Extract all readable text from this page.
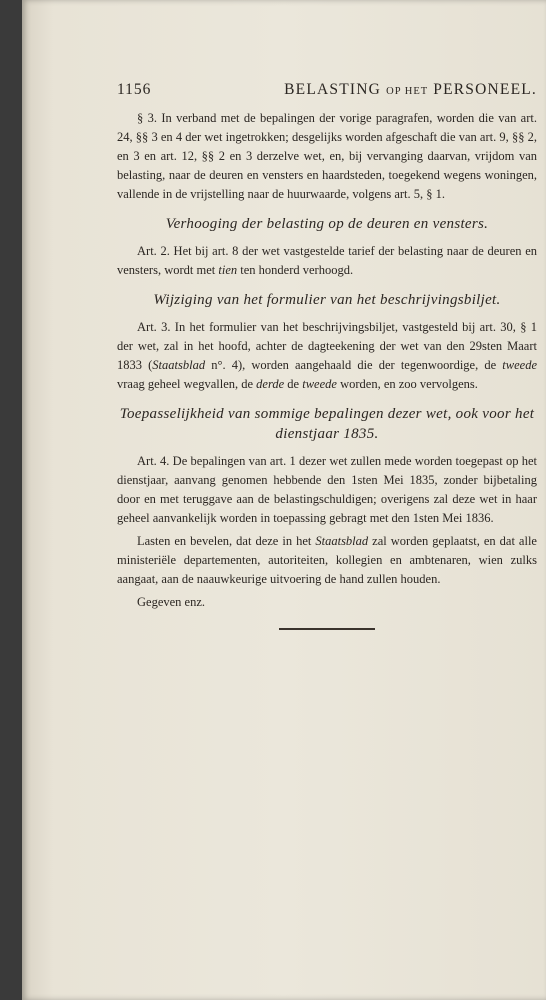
1156	BELASTING OP HET PERSONEEL.

§ 3. In verband met de bepalingen der vorige paragrafen, worden die van art. 24, §§ 3 en 4 der wet ingetrokken; desgelijks worden afgeschaft die van art. 9, §§ 2, en 3 en art. 12, §§ 2 en 3 derzelve wet, en, bij vervanging daarvan, vrijdom van belasting, naar de deuren en vensters en haardsteden, toegekend wegens woningen, vallende in de vrijstelling naar de huurwaarde, volgens art. 5, § 1.

Verhooging der belasting op de deuren en vensters.

Art. 2. Het bij art. 8 der wet vastgestelde tarief der belasting naar de deuren en vensters, wordt met tien ten honderd verhoogd.

Wijziging van het formulier van het beschrijvingsbiljet.

Art. 3. In het formulier van het beschrijvingsbiljet, vastgesteld bij art. 30, § 1 der wet, zal in het hoofd, achter de dagteekening der wet van den 29sten Maart 1833 (Staatsblad n°. 4), worden aangehaald die der tegenwoordige, de tweede vraag geheel wegvallen, de derde de tweede worden, en zoo vervolgens.

Toepasselijkheid van sommige bepalingen dezer wet, ook voor het dienstjaar 1835.

Art. 4. De bepalingen van art. 1 dezer wet zullen mede worden toegepast op het dienstjaar, aanvang genomen hebbende den 1sten Mei 1835, zonder bijbetaling door en met teruggave aan de belastingschuldigen; overigens zal deze wet in haar geheel aanvankelijk worden in toepassing gebragt met den 1sten Mei 1836.

Lasten en bevelen, dat deze in het Staatsblad zal worden geplaatst, en dat alle ministeriële departementen, autoriteiten, kollegien en ambtenaren, wien zulks aangaat, aan de naauwkeurige uitvoering de hand zullen houden.

Gegeven enz.
